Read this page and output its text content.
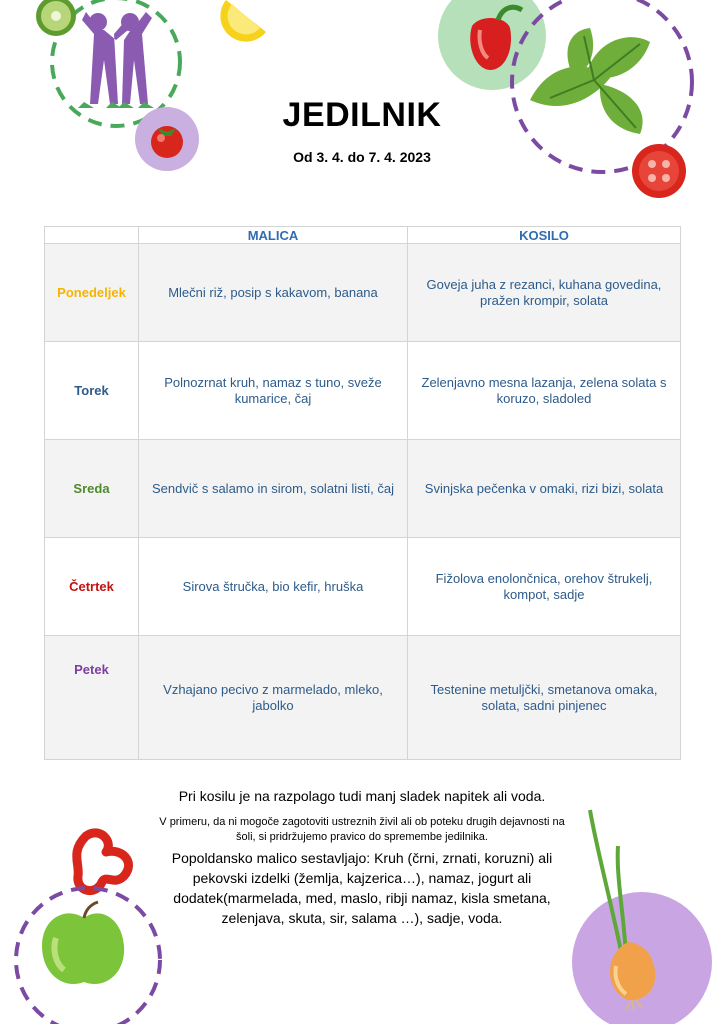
JEDILNIK
Od 3. 4. do 7. 4. 2023
	MALICA	KOSILO
Ponedeljek	Mlečni riž, posip s kakavom, banana	Goveja juha z rezanci, kuhana govedina, pražen krompir, solata
Torek	Polnozrnat kruh, namaz s tuno, sveže kumarice, čaj	Zelenjavno mesna lazanja, zelena solata s koruzo, sladoled
Sreda	Sendvič s salamo in sirom, solatni listi, čaj	Svinjska pečenka v omaki, rizi bizi, solata
Četrtek	Sirova štručka, bio kefir, hruška	Fižolova enolončnica, orehov štrukelj, kompot, sadje
Petek	Vzhajano pecivo z marmelado, mleko, jabolko	Testenine metuljčki, smetanova omaka, solata, sadni pinjenec
Pri kosilu je na razpolago tudi manj sladek napitek ali voda.
V primeru, da ni mogoče zagotoviti ustreznih živil ali ob poteku drugih dejavnosti na šoli, si pridržujemo pravico do spremembe jedilnika.
Popoldansko malico sestavljajo: Kruh (črni, zrnati, koruzni) ali pekovski izdelki (žemlja, kajzerica…), namaz, jogurt ali dodatek(marmelada, med, maslo, ribji namaz, kisla smetana, zelenjava, skuta, sir, salama …), sadje, voda.
